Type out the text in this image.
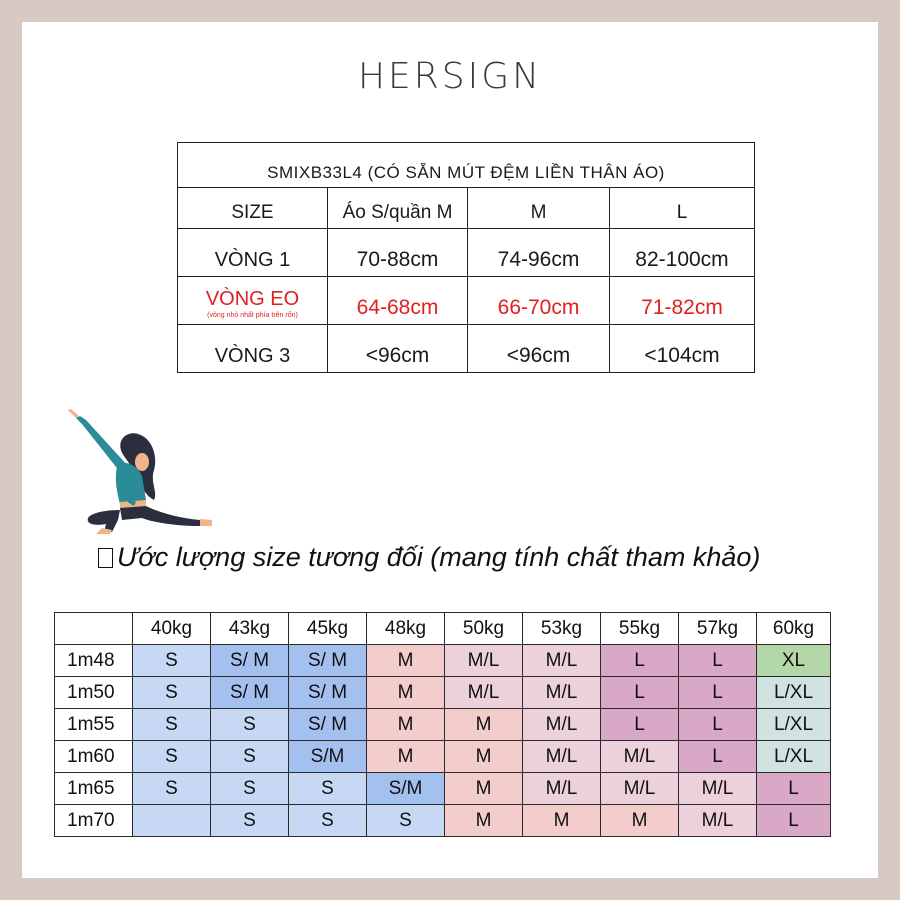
HERSIGN
SMIXB33L4 (CÓ SẴN MÚT ĐỆM LIỀN THÂN ÁO)			
SIZE	Áo S/quần M	M	L
VÒNG 1	70-88cm	74-96cm	82-100cm
VÒNG EO
(vòng nhỏ nhất phía trên rốn)	64-68cm	66-70cm	71-82cm
VÒNG 3	<96cm	<96cm	<104cm
Ước lượng size tương đối (mang tính chất tham khảo)
	40kg	43kg	45kg	48kg	50kg	53kg	55kg	57kg	60kg
1m48	S	S/ M	S/ M	M	M/L	M/L	L	L	XL
1m50	S	S/ M	S/ M	M	M/L	M/L	L	L	L/XL
1m55	S	S	S/ M	M	M	M/L	L	L	L/XL
1m60	S	S	S/M	M	M	M/L	M/L	L	L/XL
1m65	S	S	S	S/M	M	M/L	M/L	M/L	L
1m70		S	S	S	M	M	M	M/L	L
